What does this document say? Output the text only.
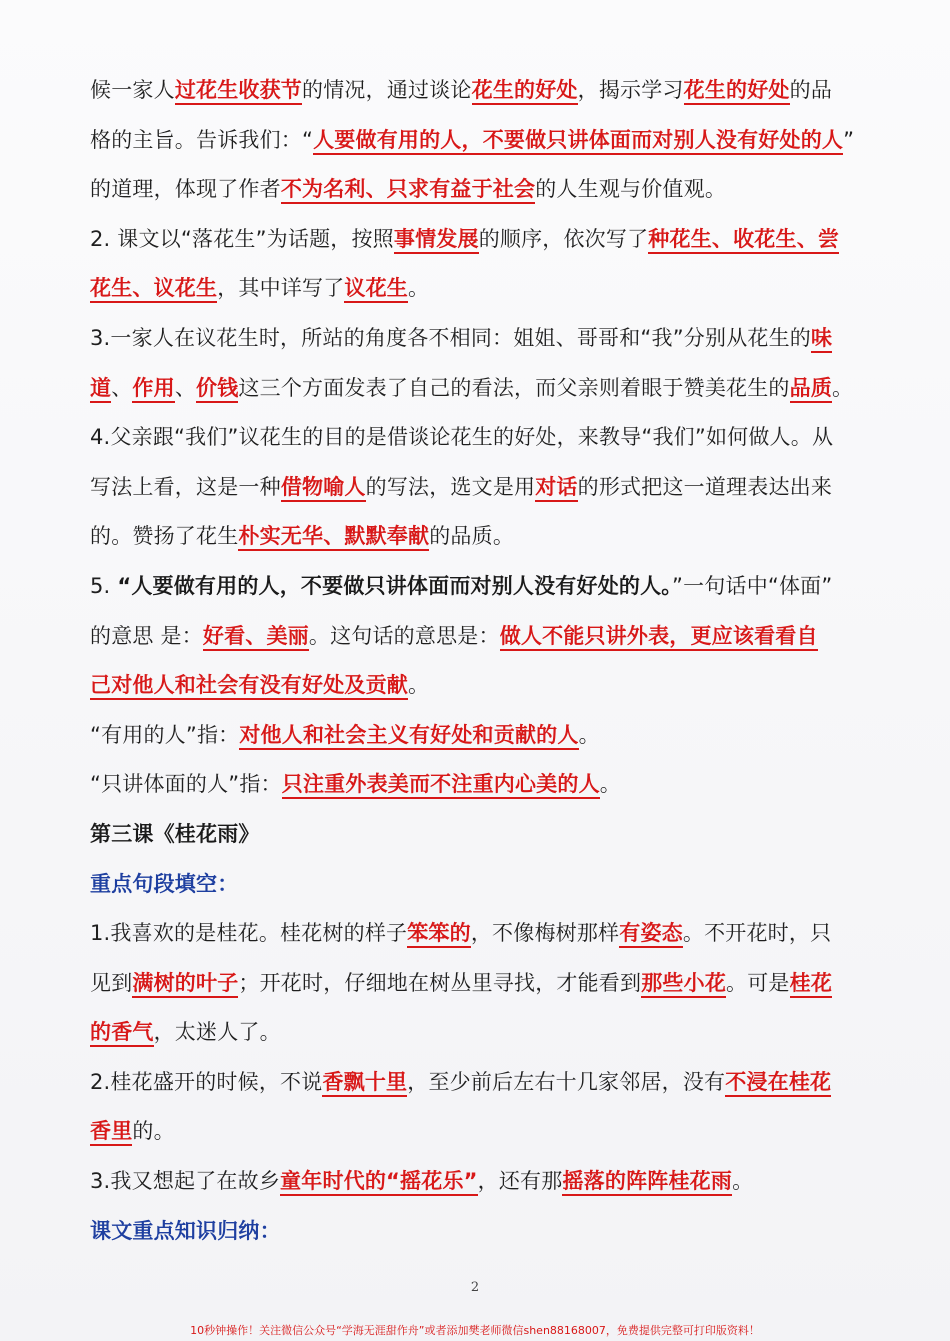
候一家人过花生收获节的情况，通过谈论花生的好处，揭示学习花生的好处的品
格的主旨。告诉我们：“人要做有用的人，不要做只讲体面而对别人没有好处的人”
的道理，体现了作者不为名利、只求有益于社会的人生观与价值观。
2. 课文以“落花生”为话题，按照事情发展的顺序，依次写了种花生、收花生、尝
花生、议花生，其中详写了议花生。
3.一家人在议花生时，所站的角度各不相同：姐姐、哥哥和“我”分别从花生的味
道、作用、价钱这三个方面发表了自己的看法，而父亲则着眼于赞美花生的品质。
4.父亲跟“我们”议花生的目的是借谈论花生的好处，来教导“我们”如何做人。从
写法上看，这是一种借物喻人的写法，选文是用对话的形式把这一道理表达出来
的。赞扬了花生朴实无华、默默奉献的品质。
5. “人要做有用的人，不要做只讲体面而对别人没有好处的人。”一句话中“体面”
的意思 是：好看、美丽。这句话的意思是：做人不能只讲外表，更应该看看自
己对他人和社会有没有好处及贡献。
“有用的人”指：对他人和社会主义有好处和贡献的人。
“只讲体面的人”指：只注重外表美而不注重内心美的人。
第三课《桂花雨》
重点句段填空：
1.我喜欢的是桂花。桂花树的样子笨笨的，不像梅树那样有姿态。不开花时，只
见到满树的叶子；开花时，仔细地在树丛里寻找，才能看到那些小花。可是桂花
的香气，太迷人了。
2.桂花盛开的时候，不说香飘十里，至少前后左右十几家邻居，没有不浸在桂花
香里的。
3.我又想起了在故乡童年时代的“摇花乐”，还有那摇落的阵阵桂花雨。
课文重点知识归纳：
2
10秒钟操作！关注微信公众号“学海无涯甜作舟”或者添加樊老师微信shen88168007，免费提供完整可打印版资料！
